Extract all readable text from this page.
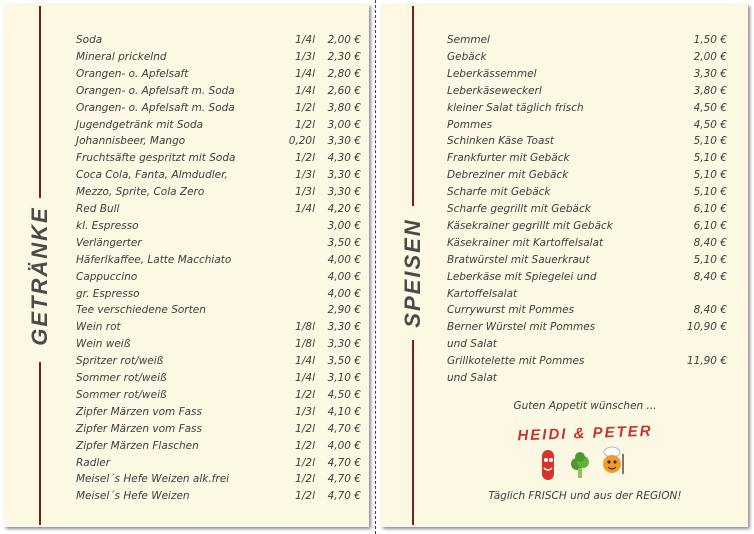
GETRÄNKE	SPEISEN
Soda	1/4l 2,00 €
Mineral prickelnd	1/3l 2,30 €
Orangen- o. Apfelsaft	1/4l 2,80 €
Orangen- o. Apfelsaft m. Soda	1/4l 2,60 €
Orangen- o. Apfelsaft m. Soda	1/2l 3,80 €
Jugendgetränk mit Soda	1/2l 3,00 €
Johannisbeer, Mango	0,20l 3,30 €
Fruchtsäfte gespritzt mit Soda	1/2l 4,30 €
Coca Cola, Fanta, Almdudler,	1/3l 3,30 €
Mezzo, Sprite, Cola Zero	1/3l 3,30 €
Red Bull	1/4l 4,20 €
kl. Espresso	3,00 €
Verlängerter	3,50 €
Häferlkaffee, Latte Macchiato	4,00 €
Cappuccino	4,00 €
gr. Espresso	4,00 €
Tee verschiedene Sorten	2,90 €
Wein rot	1/8l 3,30 €
Wein weiß	1/8l 3,30 €
Spritzer rot/weiß	1/4l 3,50 €
Sommer rot/weiß	1/4l 3,10 €
Sommer rot/weiß	1/2l 4,50 €
Zipfer Märzen vom Fass	1/3l 4,10 €
Zipfer Märzen vom Fass	1/2l 4,70 €
Zipfer Märzen Flaschen	1/2l 4,00 €
Radler	1/2l 4,70 €
Meisel´s Hefe Weizen alk.frei	1/2l 4,70 €
Meisel´s Hefe Weizen	1/2l 4,70 €
Semmel	1,50 €
Gebäck	2,00 €
Leberkässemmel	3,30 €
Leberkäseweckerl	3,80 €
kleiner Salat täglich frisch	4,50 €
Pommes	4,50 €
Schinken Käse Toast	5,10 €
Frankfurter mit Gebäck	5,10 €
Debreziner mit Gebäck	5,10 €
Scharfe mit Gebäck	5,10 €
Scharfe gegrillt mit Gebäck	6,10 €
Käsekrainer gegrillt mit Gebäck	6,10 €
Käsekrainer mit Kartoffelsalat	8,40 €
Bratwürstel mit Sauerkraut	5,10 €
Leberkäse mit Spiegelei und	8,40 €
Kartoffelsalat
Currywurst mit Pommes	8,40 €
Berner Würstel mit Pommes	10,90 €
und Salat
Grillkotelette mit Pommes	11,90 €
und Salat
Guten Appetit wünschen ...
HEIDI & PETER
Täglich FRISCH und aus der REGION!
